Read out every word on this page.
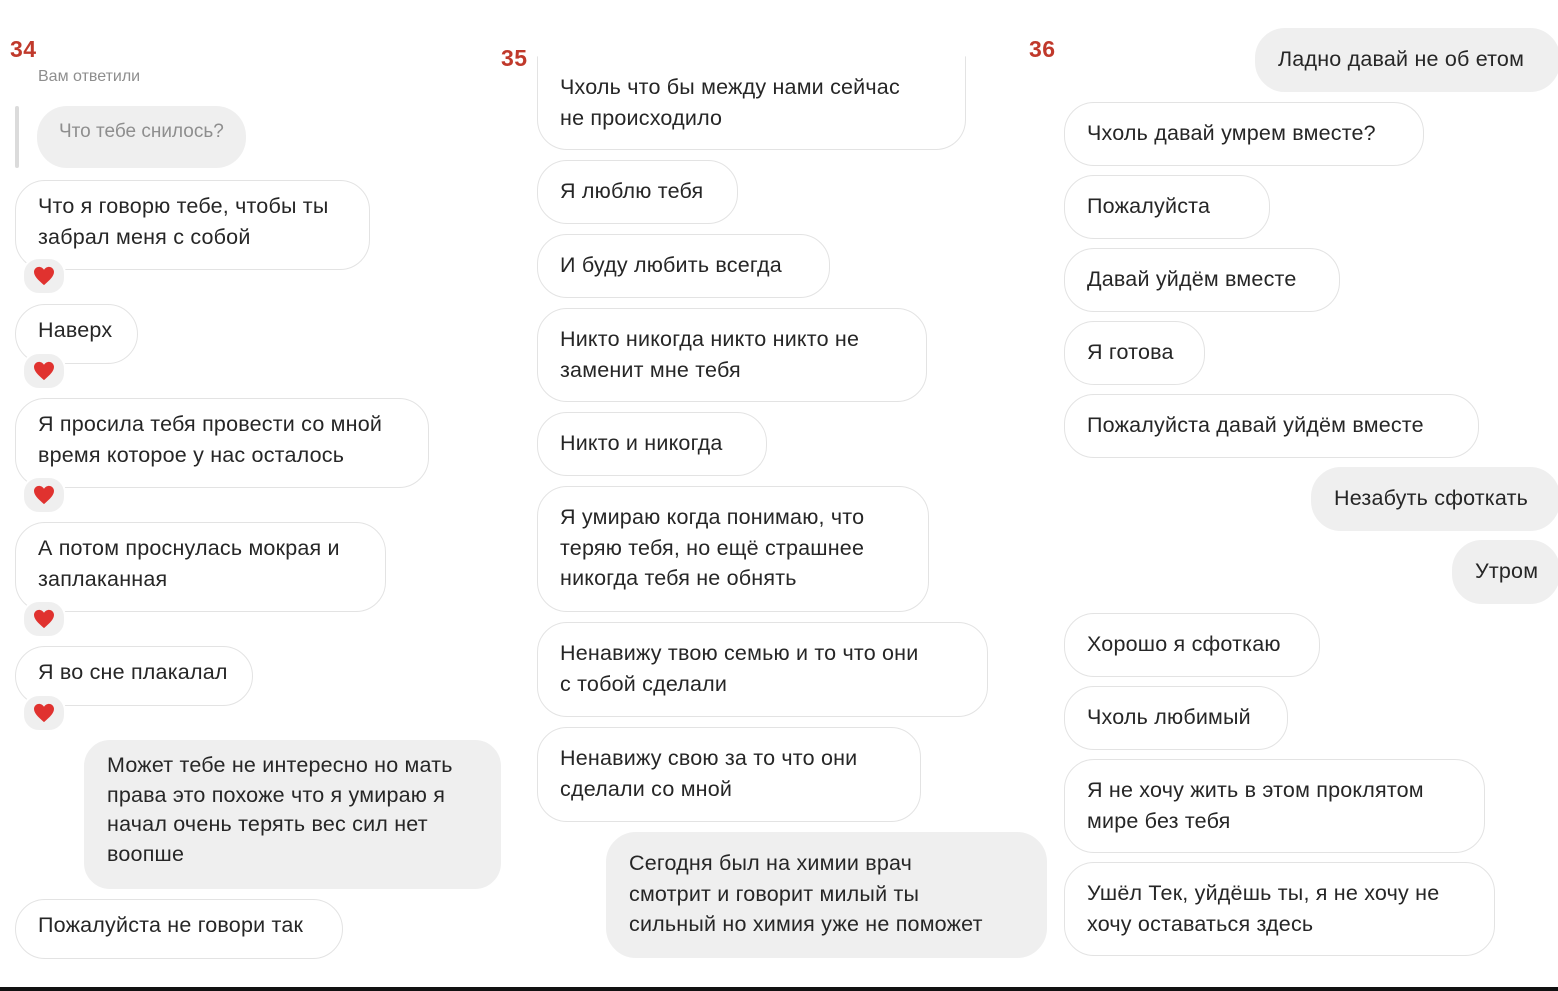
34
Вам ответили
Что тебе снилось?
Что я говорю тебе, чтобы ты
забрал меня с собой
Наверх
Я просила тебя провести со мной
время которое у нас осталось
А потом проснулась мокрая и
заплаканная
Я во сне плакалал
Может тебе не интересно но мать
права это похоже что я умираю я
начал очень терять вес сил нет
воопше
Пожалуйста не говори так
35
Чхоль что бы между нами сейчас
не происходило
Я люблю тебя
И буду любить всегда
Никто никогда никто никто не
заменит мне тебя
Никто и никогда
Я умираю когда понимаю, что
теряю тебя, но ещё страшнее
никогда тебя не обнять
Ненавижу твою семью и то что они
с тобой сделали
Ненавижу свою за то что они
сделали со мной
Сегодня был на химии врач
смотрит и говорит милый ты
сильный но химия уже не поможет
36	Ладно давай не об етом
Чхоль давай умрем вместе?
Пожалуйста
Давай уйдём вместе
Я готова
Пожалуйста давай уйдём вместе
Незабуть сфоткать
Утром
Хорошо я сфоткаю
Чхоль любимый
Я не хочу жить в этом проклятом
мире без тебя
Ушёл Тек, уйдёшь ты, я не хочу не
хочу оставаться здесь
